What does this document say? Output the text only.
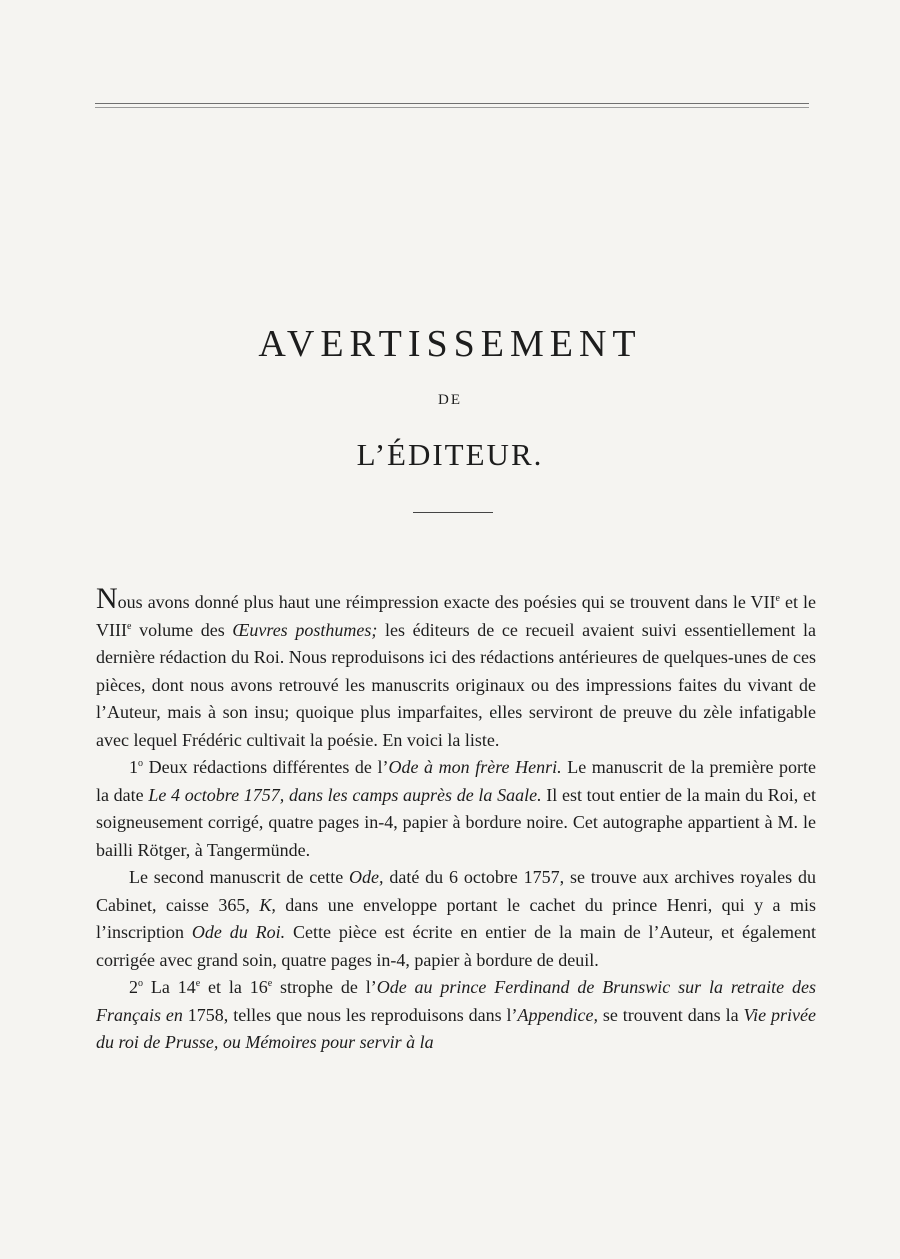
AVERTISSEMENT
DE
L’ÉDITEUR.

Nous avons donné plus haut une réimpression exacte des poésies qui se trouvent dans le VIIe et le VIIIe volume des Œuvres posthumes; les éditeurs de ce recueil avaient suivi essentiellement la dernière rédaction du Roi. Nous reproduisons ici des rédactions antérieures de quelques-unes de ces pièces, dont nous avons retrouvé les manuscrits originaux ou des impressions faites du vivant de l’Auteur, mais à son insu; quoique plus imparfaites, elles serviront de preuve du zèle infatigable avec lequel Frédéric cultivait la poésie. En voici la liste.

1$^o$ Deux rédactions différentes de l’Ode à mon frère Henri. Le manuscrit de la première porte la date Le 4 octobre 1757, dans les camps auprès de la Saale. Il est tout entier de la main du Roi, et soigneusement corrigé, quatre pages in-4, papier à bordure noire. Cet autographe appartient à M. le bailli Rötger, à Tangermünde.

Le second manuscrit de cette Ode, daté du 6 octobre 1757, se trouve aux archives royales du Cabinet, caisse 365, K, dans une enveloppe portant le cachet du prince Henri, qui y a mis l’inscription Ode du Roi. Cette pièce est écrite en entier de la main de l’Auteur, et également corrigée avec grand soin, quatre pages in-4, papier à bordure de deuil.

2$^o$ La 14e et la 16e strophe de l’Ode au prince Ferdinand de Brunswic sur la retraite des Français en 1758, telles que nous les reproduisons dans l’Appendice, se trouvent dans la Vie privée du roi de Prusse, ou Mémoires pour servir à la
